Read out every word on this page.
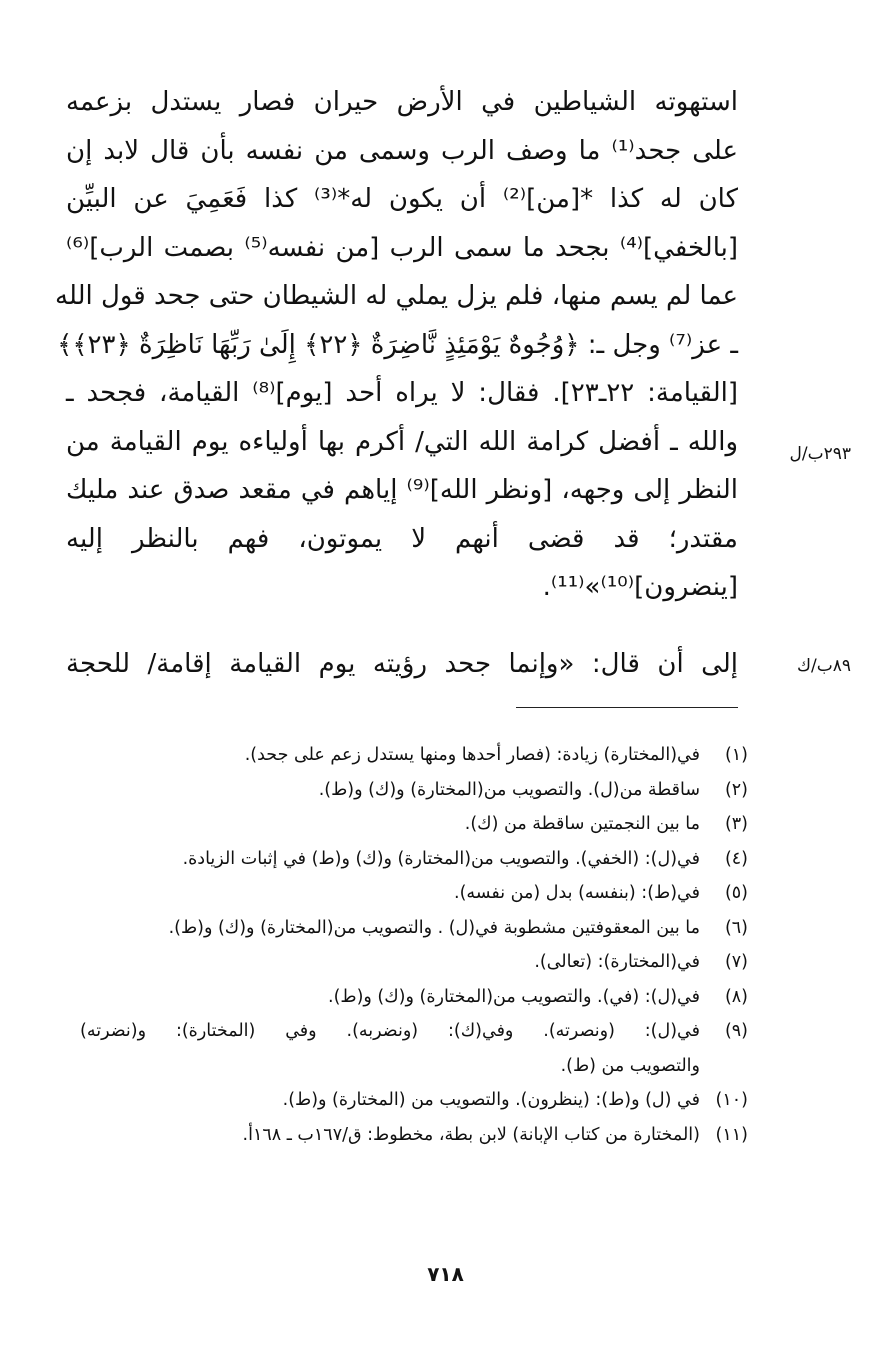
استهوته الشياطين في الأرض حيران فصار يستدل بزعمه
على جحد⁽¹⁾ ما وصف الرب وسمى من نفسه بأن قال لابد إن
كان له كذا *[من]⁽²⁾ أن يكون له*⁽³⁾ كذا فَعَمِيَ عن البيِّن
[بالخفي]⁽⁴⁾ بجحد ما سمى الرب [من نفسه⁽⁵⁾ بصمت الرب]⁽⁶⁾
عما لم يسم منها، فلم يزل يملي له الشيطان حتى جحد قول الله
ـ عز⁽⁷⁾ وجل ـ: ﴿وُجُوهٌ يَوْمَئِذٍ نَّاضِرَةٌ ﴿٢٢﴾ إِلَىٰ رَبِّهَا نَاظِرَةٌ ﴿٢٣﴾﴾
[القيامة: ٢٢ـ٢٣]. فقال: لا يراه أحد [يوم]⁽⁸⁾ القيامة، فجحد ـ
والله ـ أفضل كرامة الله التي/ أكرم بها أولياءه يوم القيامة من
النظر إلى وجهه، [ونظر الله]⁽⁹⁾ إياهم في مقعد صدق عند مليك
مقتدر؛ قد قضى أنهم لا يموتون، فهم بالنظر إليه
[ينضرون]⁽¹⁰⁾»⁽¹¹⁾.
٢٩٣ب/ل
إلى أن قال: «وإنما جحد رؤيته يوم القيامة إقامة/ للحجة	٨٩ب/ك
(١)
في(المختارة) زيادة: (فصار أحدها ومنها يستدل زعم على جحد).
(٢)
ساقطة من(ل). والتصويب من(المختارة) و(ك) و(ط).
(٣)
ما بين النجمتين ساقطة من (ك).
(٤)
في(ل): (الخفي). والتصويب من(المختارة) و(ك) و(ط) في إثبات الزيادة.
(٥)
في(ط): (بنفسه) بدل (من نفسه).
(٦)
ما بين المعقوفتين مشطوبة في(ل) . والتصويب من(المختارة) و(ك) و(ط).
(٧)
في(المختارة): (تعالى).
(٨)
في(ل): (في). والتصويب من(المختارة) و(ك) و(ط).
(٩)
في(ل): (ونصرته). وفي(ك): (ونضربه). وفي (المختارة): و(نضرته)
والتصويب من (ط).
(١٠)
في (ل) و(ط): (ينظرون). والتصويب من (المختارة) و(ط).
(١١)
(المختارة من كتاب الإبانة) لابن بطة، مخطوط: ق/١٦٧ب ـ ١٦٨أ.
٧١٨
